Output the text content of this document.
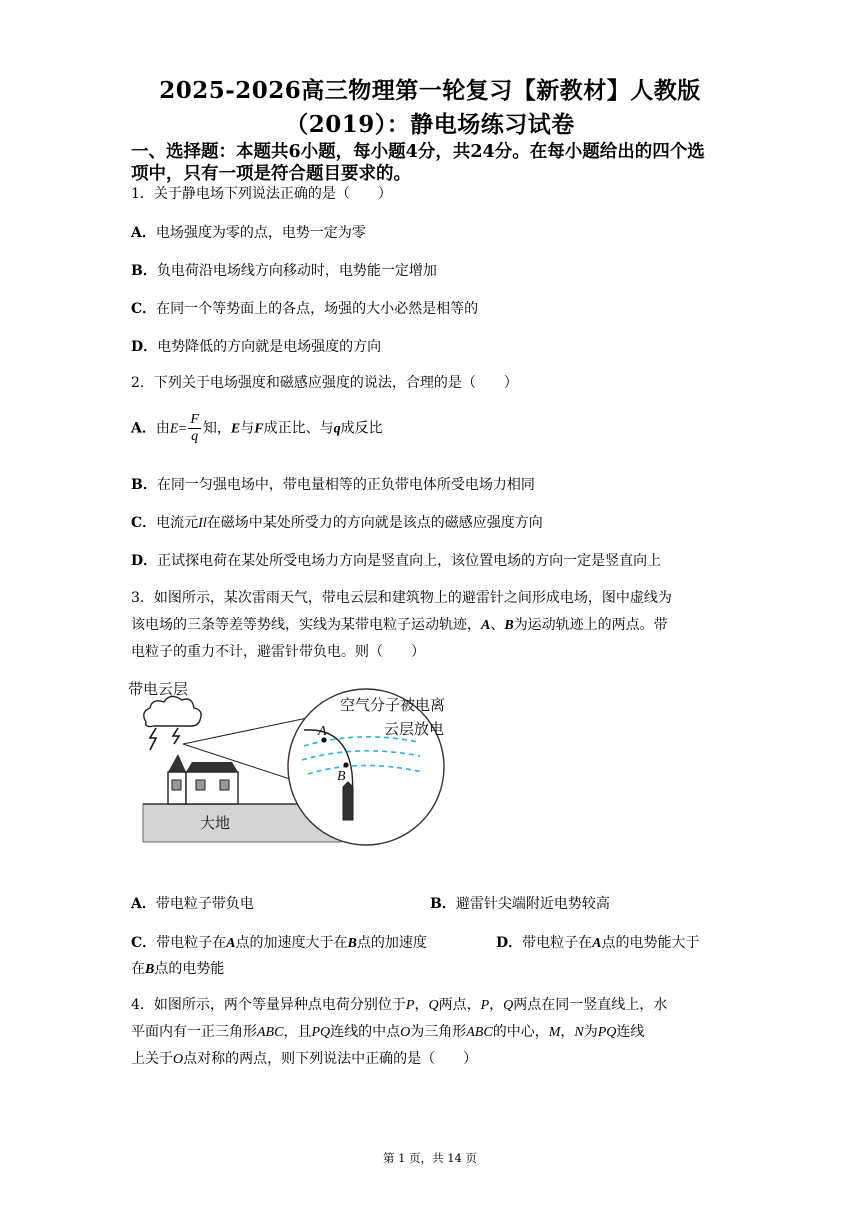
2025-2026高三物理第一轮复习【新教材】人教版
（2019）：静电场练习试卷
一、选择题：本题共6小题，每小题4分，共24分。在每小题给出的四个选
项中，只有一项是符合题目要求的。
1．关于静电场下列说法正确的是（　　）
A．电场强度为零的点，电势一定为零
B．负电荷沿电场线方向移动时，电势能一定增加
C．在同一个等势面上的各点，场强的大小必然是相等的
D．电势降低的方向就是电场强度的方向
2．下列关于电场强度和磁感应强度的说法，合理的是（　　）
A．由$E= \frac{F}{q}$ 知，E与F成正比、与q成反比
B．在同一匀强电场中，带电量相等的正负带电体所受电场力相同
C．电流元Il在磁场中某处所受力的方向就是该点的磁感应强度方向
D．正试探电荷在某处所受电场力方向是竖直向上，该位置电场的方向一定是竖直向上
3．如图所示，某次雷雨天气，带电云层和建筑物上的避雷针之间形成电场，图中虚线为
该电场的三条等差等势线，实线为某带电粒子运动轨迹，A、B为运动轨迹上的两点。带
电粒子的重力不计，避雷针带负电。则（　　）
大地
带电云层
空气分子被电离
云层放电
A
B
A．带电粒子带负电	B．避雷针尖端附近电势较高
C．带电粒子在A点的加速度大于在B点的加速度	D．带电粒子在A点的电势能大于
在B点的电势能
4．如图所示，两个等量异种点电荷分别位于P，Q两点，P，Q两点在同一竖直线上，水
平面内有一正三角形ABC，且PQ连线的中点O为三角形ABC的中心，M，N为PQ连线
上关于O点对称的两点，则下列说法中正确的是（　　）
第 1 页，共 14 页
